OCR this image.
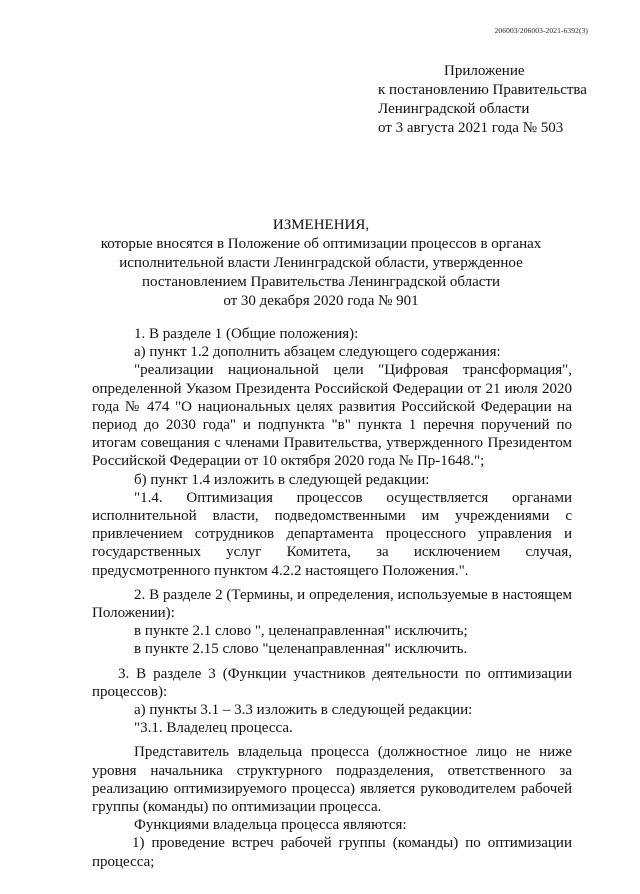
206003/206003-2021-6392(3)
Приложение
к постановлению Правительства
Ленинградской области
от 3 августа 2021 года № 503
ИЗМЕНЕНИЯ,
которые вносятся в Положение об оптимизации процессов в органах
исполнительной власти Ленинградской области, утвержденное
постановлением Правительства Ленинградской области
от 30 декабря 2020 года № 901

1. В разделе 1 (Общие положения):

а) пункт 1.2 дополнить абзацем следующего содержания:

"реализации национальной цели "Цифровая трансформация", определенной Указом Президента Российской Федерации от 21 июля 2020 года № 474 "О национальных целях развития Российской Федерации на период до 2030 года" и подпункта "в" пункта 1 перечня поручений по итогам совещания с членами Правительства, утвержденного Президентом Российской Федерации от 10 октября 2020 года № Пр-1648.";

б) пункт 1.4 изложить в следующей редакции:

"1.4. Оптимизация процессов осуществляется органами исполнительной власти, подведомственными им учреждениями с привлечением сотрудников департамента процессного управления и государственных услуг Комитета, за исключением случая, предусмотренного пунктом 4.2.2 настоящего Положения.".

2. В разделе 2 (Термины, и определения, используемые в настоящем Положении):

в пункте 2.1 слово ", целенаправленная" исключить;

в пункте 2.15 слово "целенаправленная" исключить.

3. В разделе 3 (Функции участников деятельности по оптимизации процессов):

а) пункты 3.1 – 3.3 изложить в следующей редакции:

"3.1. Владелец процесса.

Представитель владельца процесса (должностное лицо не ниже уровня начальника структурного подразделения, ответственного за реализацию оптимизируемого процесса) является руководителем рабочей группы (команды) по оптимизации процесса.

Функциями владельца процесса являются:

1) проведение встреч рабочей группы (команды) по оптимизации процесса;
